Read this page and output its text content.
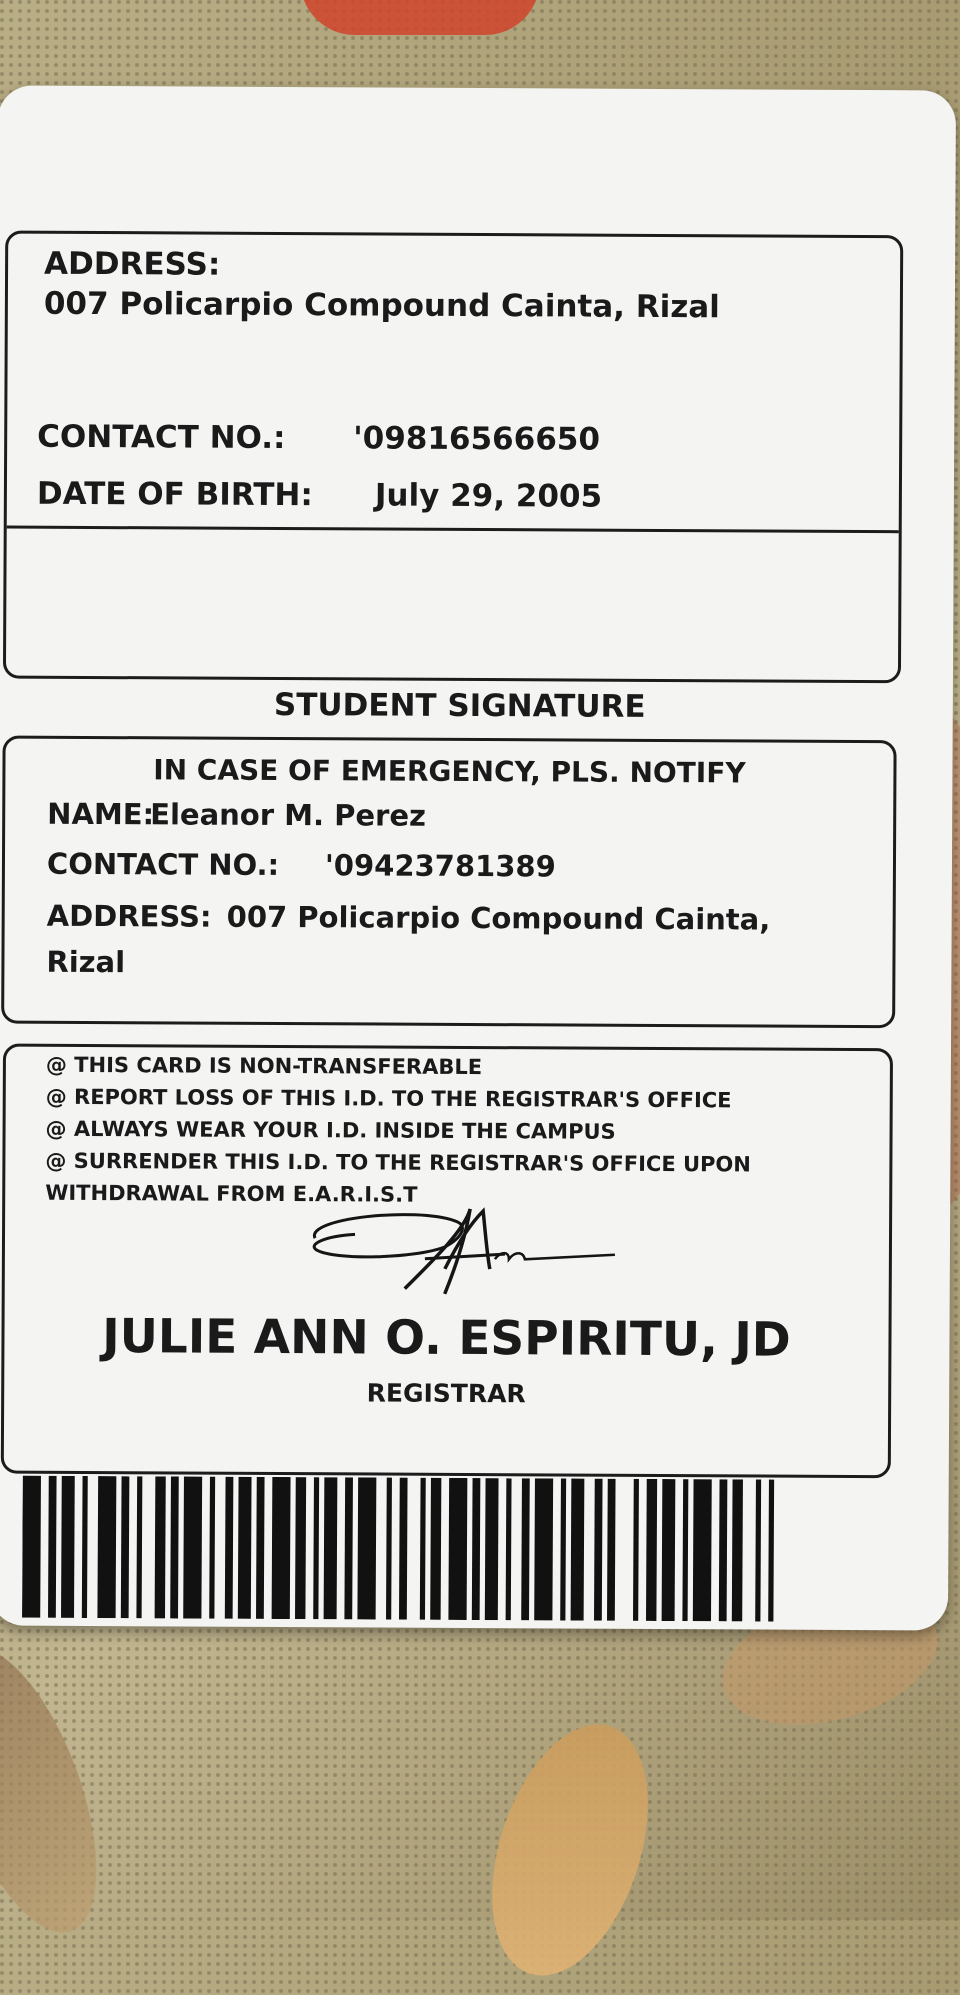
ADDRESS:
007 Policarpio Compound Cainta, Rizal
CONTACT NO.: '09816566650
DATE OF BIRTH: July 29, 2005
STUDENT SIGNATURE
IN CASE OF EMERGENCY, PLS. NOTIFY
NAME:
Eleanor M. Perez
CONTACT NO.: '09423781389
ADDRESS: 007 Policarpio Compound Cainta,
Rizal
@ THIS CARD IS NON-TRANSFERABLE
@ REPORT LOSS OF THIS I.D. TO THE REGISTRAR'S OFFICE
@ ALWAYS WEAR YOUR I.D. INSIDE THE CAMPUS
@ SURRENDER THIS I.D. TO THE REGISTRAR'S OFFICE UPON
WITHDRAWAL FROM E.A.R.I.S.T
JULIE ANN O. ESPIRITU, JD
REGISTRAR
